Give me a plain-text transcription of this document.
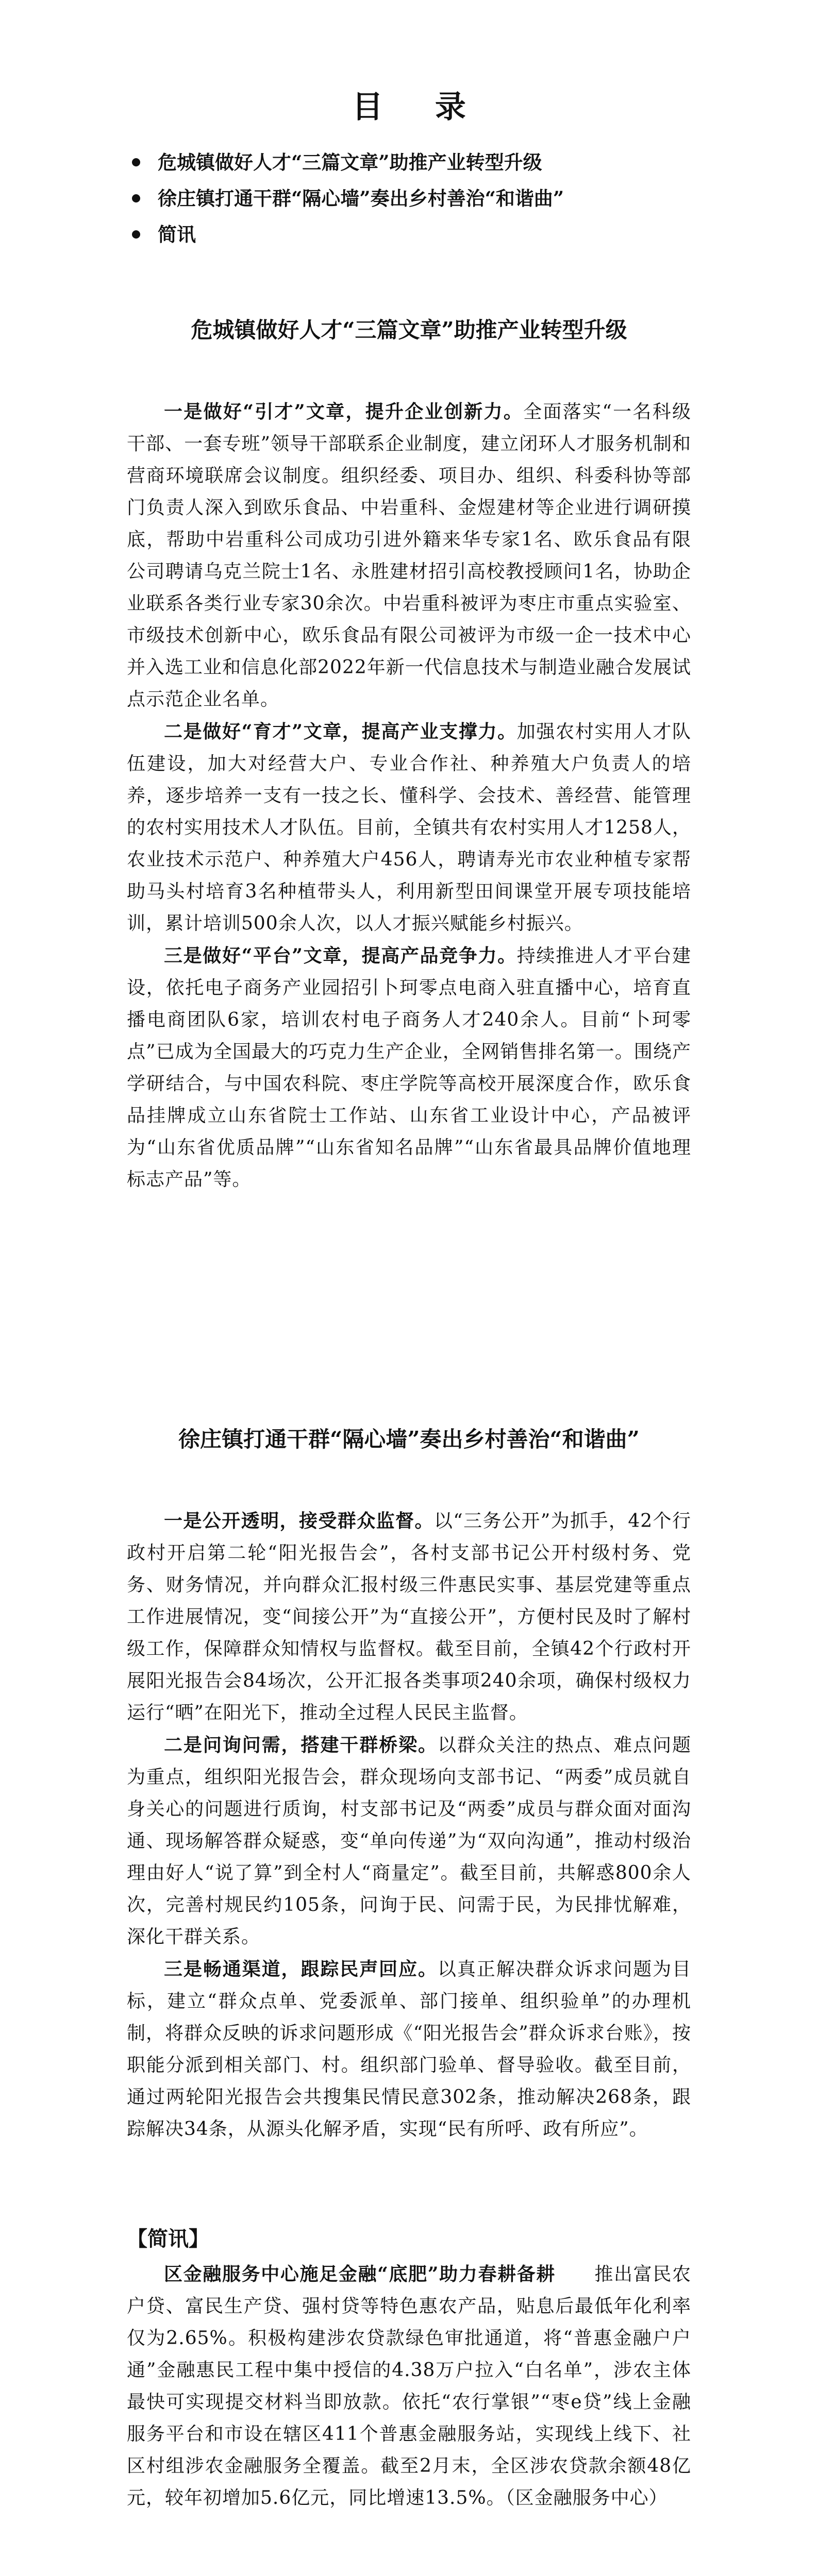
目 录
危城镇做好人才“三篇文章”助推产业转型升级
徐庄镇打通干群“隔心墙”奏出乡村善治“和谐曲”
简讯
危城镇做好人才“三篇文章”助推产业转型升级

一是做好“引才”文章，提升企业创新力。全面落实“一名科级干部、一套专班”领导干部联系企业制度，建立闭环人才服务机制和营商环境联席会议制度。组织经委、项目办、组织、科委科协等部门负责人深入到欧乐食品、中岩重科、金煜建材等企业进行调研摸底，帮助中岩重科公司成功引进外籍来华专家1名、欧乐食品有限公司聘请乌克兰院士1名、永胜建材招引高校教授顾问1名，协助企业联系各类行业专家30余次。中岩重科被评为枣庄市重点实验室、市级技术创新中心，欧乐食品有限公司被评为市级一企一技术中心并入选工业和信息化部2022年新一代信息技术与制造业融合发展试点示范企业名单。

二是做好“育才”文章，提高产业支撑力。加强农村实用人才队伍建设，加大对经营大户、专业合作社、种养殖大户负责人的培养，逐步培养一支有一技之长、懂科学、会技术、善经营、能管理的农村实用技术人才队伍。目前，全镇共有农村实用人才1258人，农业技术示范户、种养殖大户456人，聘请寿光市农业种植专家帮助马头村培育3名种植带头人，利用新型田间课堂开展专项技能培训，累计培训500余人次，以人才振兴赋能乡村振兴。

三是做好“平台”文章，提高产品竞争力。持续推进人才平台建设，依托电子商务产业园招引卜珂零点电商入驻直播中心，培育直播电商团队6家，培训农村电子商务人才240余人。目前“卜珂零点”已成为全国最大的巧克力生产企业，全网销售排名第一。围绕产学研结合，与中国农科院、枣庄学院等高校开展深度合作，欧乐食品挂牌成立山东省院士工作站、山东省工业设计中心，产品被评为“山东省优质品牌”“山东省知名品牌”“山东省最具品牌价值地理标志产品”等。

徐庄镇打通干群“隔心墙”奏出乡村善治“和谐曲”

一是公开透明，接受群众监督。以“三务公开”为抓手，42个行政村开启第二轮“阳光报告会”，各村支部书记公开村级村务、党务、财务情况，并向群众汇报村级三件惠民实事、基层党建等重点工作进展情况，变“间接公开”为“直接公开”，方便村民及时了解村级工作，保障群众知情权与监督权。截至目前，全镇42个行政村开展阳光报告会84场次，公开汇报各类事项240余项，确保村级权力运行“晒”在阳光下，推动全过程人民民主监督。

二是问询问需，搭建干群桥梁。以群众关注的热点、难点问题为重点，组织阳光报告会，群众现场向支部书记、“两委”成员就自身关心的问题进行质询，村支部书记及“两委”成员与群众面对面沟通、现场解答群众疑惑，变“单向传递”为“双向沟通”，推动村级治理由好人“说了算”到全村人“商量定”。截至目前，共解惑800余人次，完善村规民约105条，问询于民、问需于民，为民排忧解难，深化干群关系。

三是畅通渠道，跟踪民声回应。以真正解决群众诉求问题为目标，建立“群众点单、党委派单、部门接单、组织验单”的办理机制，将群众反映的诉求问题形成《“阳光报告会”群众诉求台账》，按职能分派到相关部门、村。组织部门验单、督导验收。截至目前，通过两轮阳光报告会共搜集民情民意302条，推动解决268条，跟踪解决34条，从源头化解矛盾，实现“民有所呼、政有所应”。

【简讯】

区金融服务中心施足金融“底肥”助力春耕备耕　　 推出富民农户贷、富民生产贷、强村贷等特色惠农产品，贴息后最低年化利率仅为2.65%。积极构建涉农贷款绿色审批通道，将“普惠金融户户通”金融惠民工程中集中授信的4.38万户拉入“白名单”，涉农主体最快可实现提交材料当即放款。依托“农行掌银”“枣e贷”线上金融服务平台和市设在辖区411个普惠金融服务站，实现线上线下、社区村组涉农金融服务全覆盖。截至2月末，全区涉农贷款余额48亿元，较年初增加5.6亿元，同比增速13.5%。（区金融服务中心）
